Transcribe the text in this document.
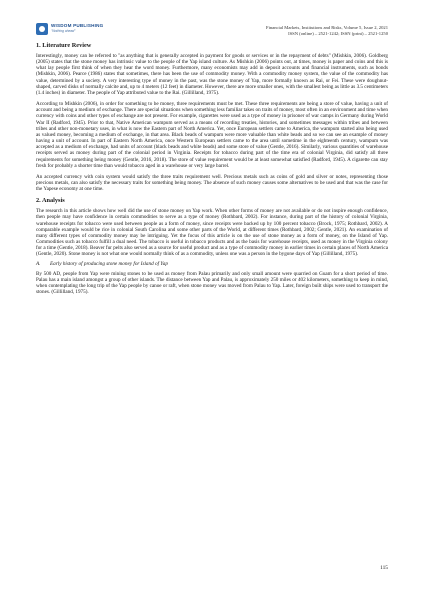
WISDOM PUBLISHING
"Nothing ahead"
Financial Markets, Institutions and Risks, Volume 5, Issue 2, 2021
ISSN (online) – 2521-1242; ISSN (print) – 2521-1250
1. Literature Review

Interestingly, money can be referred to "as anything that is generally accepted in payment for goods or services or in the repayment of debts" (Mishkin, 2006). Goldberg (2005) states that the stone money has intrinsic value to the people of the Yap island culture. As Mishkin (2006) points out, at times, money is paper and coins and this is what lay people first think of when they hear the word money. Furthermore, many economists may add in deposit accounts and financial instruments, such as bonds (Mishkin, 2006). Pearce (1986) states that sometimes, there has been the use of commodity money. With a commodity money system, the value of the commodity has value, determined by a society. A very interesting type of money in the past, was the stone money of Yap, more formally known as Rai, or Fei. These were doughnut-shaped, carved disks of normally calcite and, up to 4 meters (12 feet) in diameter. However, there are more smaller ones, with the smallest being as little as 3.5 centimeters (1.4 inches) in diameter. The people of Yap attributed value to the Rai. (Gillilland, 1975).

According to Mishkin (2006), in order for something to be money, three requirements must be met. These three requirements are being a store of value, having a unit of account and being a medium of exchange. There are special situations when something less familiar takes on traits of money, most often in an environment and time when currency with coins and other types of exchange are not present. For example, cigarettes were used as a type of money in prisoner of war camps in Germany during World War II (Radford, 1945). Prior to that, Native American wampum served as a means of recording treaties, histories, and sometimes messages within tribes and between tribes and other non-monetary uses, in what is now the Eastern part of North America. Yet, once European settlers came to America, the wampum started also being used as valued money, becoming a medium of exchange, in that area. Black beads of wampum were more valuable than white beads and so we can see an example of money having a unit of account. In part of Eastern North America, once Western European settlers came to the area until sometime in the eighteenth century, wampum was accepted as a medium of exchange, had units of account (black beads and white beads) and some store of value (Gentle, 2016). Similarly, various quantities of warehouse receipts served as money during part of the colonial period in Virginia. Receipts for tobacco during part of the time era of colonial Virginia, did satisfy all three requirements for something being money (Gentle, 2016, 2018). The store of value requirement would be at least somewhat satisfied (Radford, 1945). A cigarette can stay fresh for probably a shorter time than would tobacco aged in a warehouse or very large barrel.

An accepted currency with coin system would satisfy the three traits requirement well. Precious metals such as coins of gold and silver or notes, representing those precious metals, can also satisfy the necessary traits for something being money. The absence of such money causes some alternatives to be used and that was the case for the Yapese economy at one time.

2. Analysis

The research in this article shows how well did the use of stone money on Yap work. When other forms of money are not available or do not inspire enough confidence, then people may have confidence in certain commodities to serve as a type of money (Rothbard, 2002). For instance, during part of the history of colonial Virginia, warehouse receipts for tobacco were used between people as a form of money, since receipts were backed up by 100 percent tobacco (Brock, 1975; Rothbard, 2002). A comparable example would be rice in colonial South Carolina and some other parts of the World, at different times (Rothbard, 2002; Gentle, 2021). An examination of many different types of commodity money may be intriguing. Yet the focus of this article is on the use of stone money as a form of money, on the Island of Yap. Commodities such as tobacco fulfill a dual need. The tobacco is useful in tobacco products and as the basis for warehouse receipts, used as money in the Virginia colony for a time (Gentle, 2018). Beaver fur pelts also served as a source for useful product and as a type of commodity money in earlier times in certain places of North America (Gentle, 2020). Stone money is not what one would normally think of as a commodity, unless one was a person in the bygone days of Yap (Gillilland, 1975).

A. Early history of producing stone money for Island of Yap

By 500 AD, people from Yap were mining stones to be used as money from Palau primarily and only small amount were quarried on Guam for a short period of time. Palau has a main island amongst a group of other islands. The distance between Yap and Palau, is approximately 250 miles or 402 kilometers, something to keep in mind, when contemplating the long trip of the Yap people by canoe or raft, when stone money was moved from Palau to Yap. Later, foreign built ships were used to transport the stones. (Gillilland, 1975).

115
